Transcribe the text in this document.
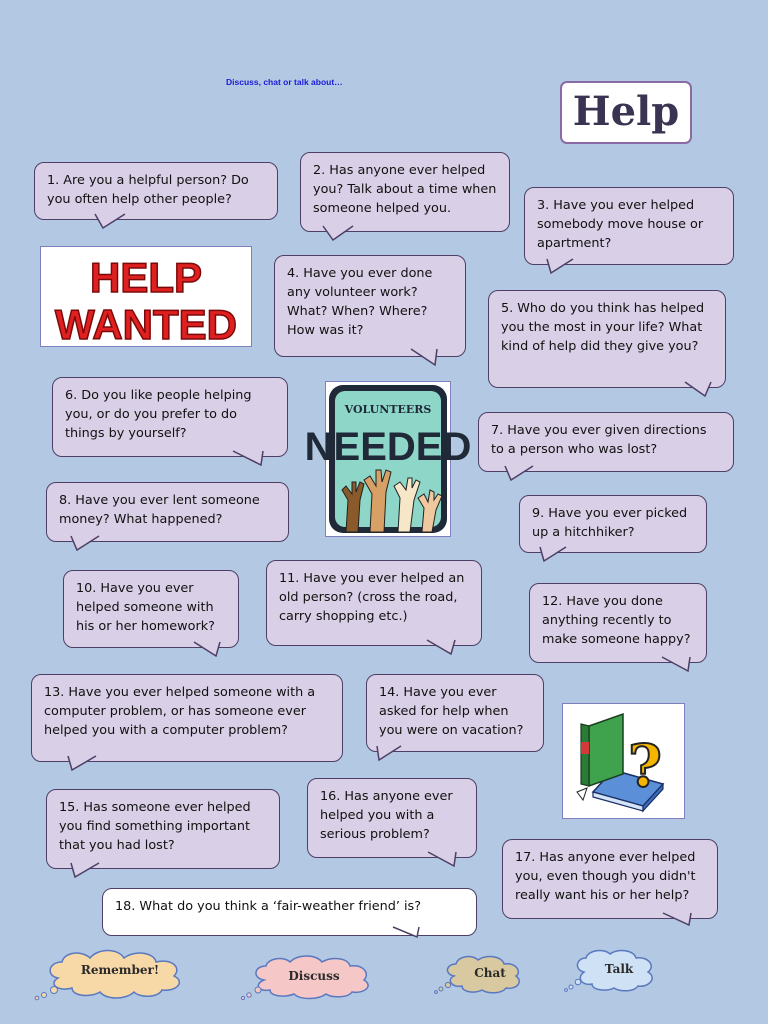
Discuss, chat or talk about…
Help
1. Are you a helpful person? Do you often help other people?
2. Has anyone ever helped you? Talk about a time when someone helped you.	3. Have you ever helped somebody move house or apartment?
4. Have you ever done any volunteer work? What? When? Where? How was it?
5. Who do you think has helped you the most in your life? What kind of help did they give you?
6. Do you like people helping you, or do you prefer to do things by yourself?	7. Have you ever given directions to a person who was lost?
8. Have you ever lent someone money? What happened?	9. Have you ever picked up a hitchhiker?
10. Have you ever helped someone with his or her homework?
11. Have you ever helped an old person? (cross the road, carry shopping etc.)
12. Have you done anything recently to make someone happy?
13. Have you ever helped someone with a computer problem, or has someone ever helped you with a computer problem?
14. Have you ever asked for help when you were on vacation?
15. Has someone ever helped you find something important that you had lost?
16. Has anyone ever helped you with a serious problem?
17. Has anyone ever helped you, even though you didn't really want his or her help?
18. What do you think a ‘fair-weather friend’ is?
HELP
WANTED
VOLUNTEERS
NEEDED
?
Remember!	Discuss	Chat	Talk
